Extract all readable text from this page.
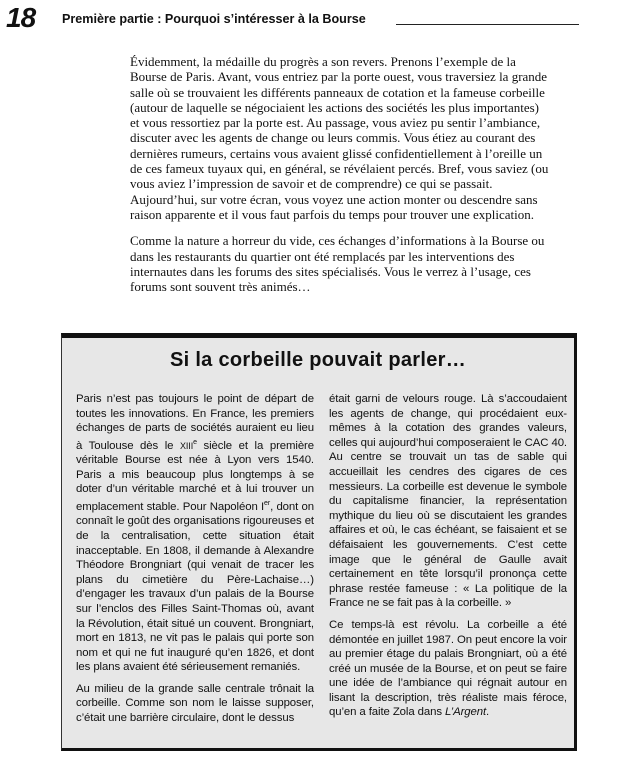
18 Première partie : Pourquoi s’intéresser à la Bourse

Évidemment, la médaille du progrès a son revers. Prenons l’exemple de la Bourse de Paris. Avant, vous entriez par la porte ouest, vous traversiez la grande salle où se trouvaient les différents panneaux de cotation et la fameuse corbeille (autour de laquelle se négociaient les actions des sociétés les plus importantes) et vous ressortiez par la porte est. Au passage, vous aviez pu sentir l’ambiance, discuter avec les agents de change ou leurs commis. Vous étiez au courant des dernières rumeurs, certains vous avaient glissé confidentiellement à l’oreille un de ces fameux tuyaux qui, en général, se révélaient percés. Bref, vous saviez (ou vous aviez l’impression de savoir et de comprendre) ce qui se passait. Aujourd’hui, sur votre écran, vous voyez une action monter ou descendre sans raison apparente et il vous faut parfois du temps pour trouver une explication.

Comme la nature a horreur du vide, ces échanges d’informations à la Bourse ou dans les restaurants du quartier ont été remplacés par les interventions des internautes dans les forums des sites spécialisés. Vous le verrez à l’usage, ces forums sont souvent très animés…

Si la corbeille pouvait parler…

Paris n’est pas toujours le point de départ de toutes les innovations. En France, les premiers échanges de parts de sociétés auraient eu lieu à Toulouse dès le XIIIe siècle et la première véritable Bourse est née à Lyon vers 1540. Paris a mis beaucoup plus longtemps à se doter d’un véritable marché et à lui trouver un emplacement stable. Pour Napoléon Ier, dont on connaît le goût des organisations rigoureuses et de la centralisation, cette situation était inacceptable. En 1808, il demande à Alexandre Théodore Brongniart (qui venait de tracer les plans du cimetière du Père-Lachaise…) d’engager les travaux d’un palais de la Bourse sur l’enclos des Filles Saint-Thomas où, avant la Révolution, était situé un couvent. Brongniart, mort en 1813, ne vit pas le palais qui porte son nom et qui ne fut inauguré qu’en 1826, et dont les plans avaient été sérieusement remaniés.

Au milieu de la grande salle centrale trônait la corbeille. Comme son nom le laisse supposer, c’était une barrière circulaire, dont le dessus

était garni de velours rouge. Là s’accoudaient les agents de change, qui procédaient eux-mêmes à la cotation des grandes valeurs, celles qui aujourd’hui composeraient le CAC 40. Au centre se trouvait un tas de sable qui accueillait les cendres des cigares de ces messieurs. La corbeille est devenue le symbole du capitalisme financier, la représentation mythique du lieu où se discutaient les grandes affaires et où, le cas échéant, se faisaient et se défaisaient les gouvernements. C’est cette image que le général de Gaulle avait certainement en tête lorsqu’il prononça cette phrase restée fameuse : « La politique de la France ne se fait pas à la corbeille. »

Ce temps-là est révolu. La corbeille a été démontée en juillet 1987. On peut encore la voir au premier étage du palais Brongniart, où a été créé un musée de la Bourse, et on peut se faire une idée de l’ambiance qui régnait autour en lisant la description, très réaliste mais féroce, qu’en a faite Zola dans L’Argent.
